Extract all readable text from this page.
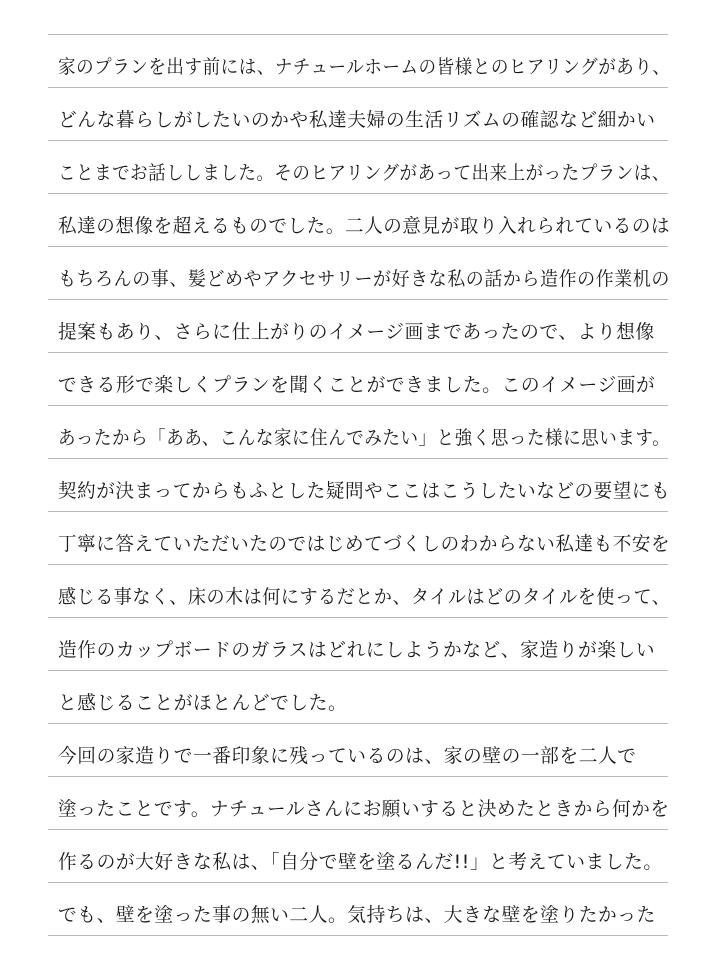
家のプランを出す前には、ナチュールホームの皆様とのヒアリングがあり、
どんな暮らしがしたいのかや私達夫婦の生活リズムの確認など細かい
ことまでお話ししました。そのヒアリングがあって出来上がったプランは、
私達の想像を超えるものでした。二人の意見が取り入れられているのは
もちろんの事、髪どめやアクセサリーが好きな私の話から造作の作業机の
提案もあり、さらに仕上がりのイメージ画まであったので、より想像
できる形で楽しくプランを聞くことができました。このイメージ画が
あったから「ああ、こんな家に住んでみたい」と強く思った様に思います。
契約が決まってからもふとした疑問やここはこうしたいなどの要望にも
丁寧に答えていただいたのではじめてづくしのわからない私達も不安を
感じる事なく、床の木は何にするだとか、タイルはどのタイルを使って、
造作のカップボードのガラスはどれにしようかなど、家造りが楽しい
と感じることがほとんどでした。
今回の家造りで一番印象に残っているのは、家の壁の一部を二人で
塗ったことです。ナチュールさんにお願いすると決めたときから何かを
作るのが大好きな私は、「自分で壁を塗るんだ!!」と考えていました。
でも、壁を塗った事の無い二人。気持ちは、大きな壁を塗りたかった
